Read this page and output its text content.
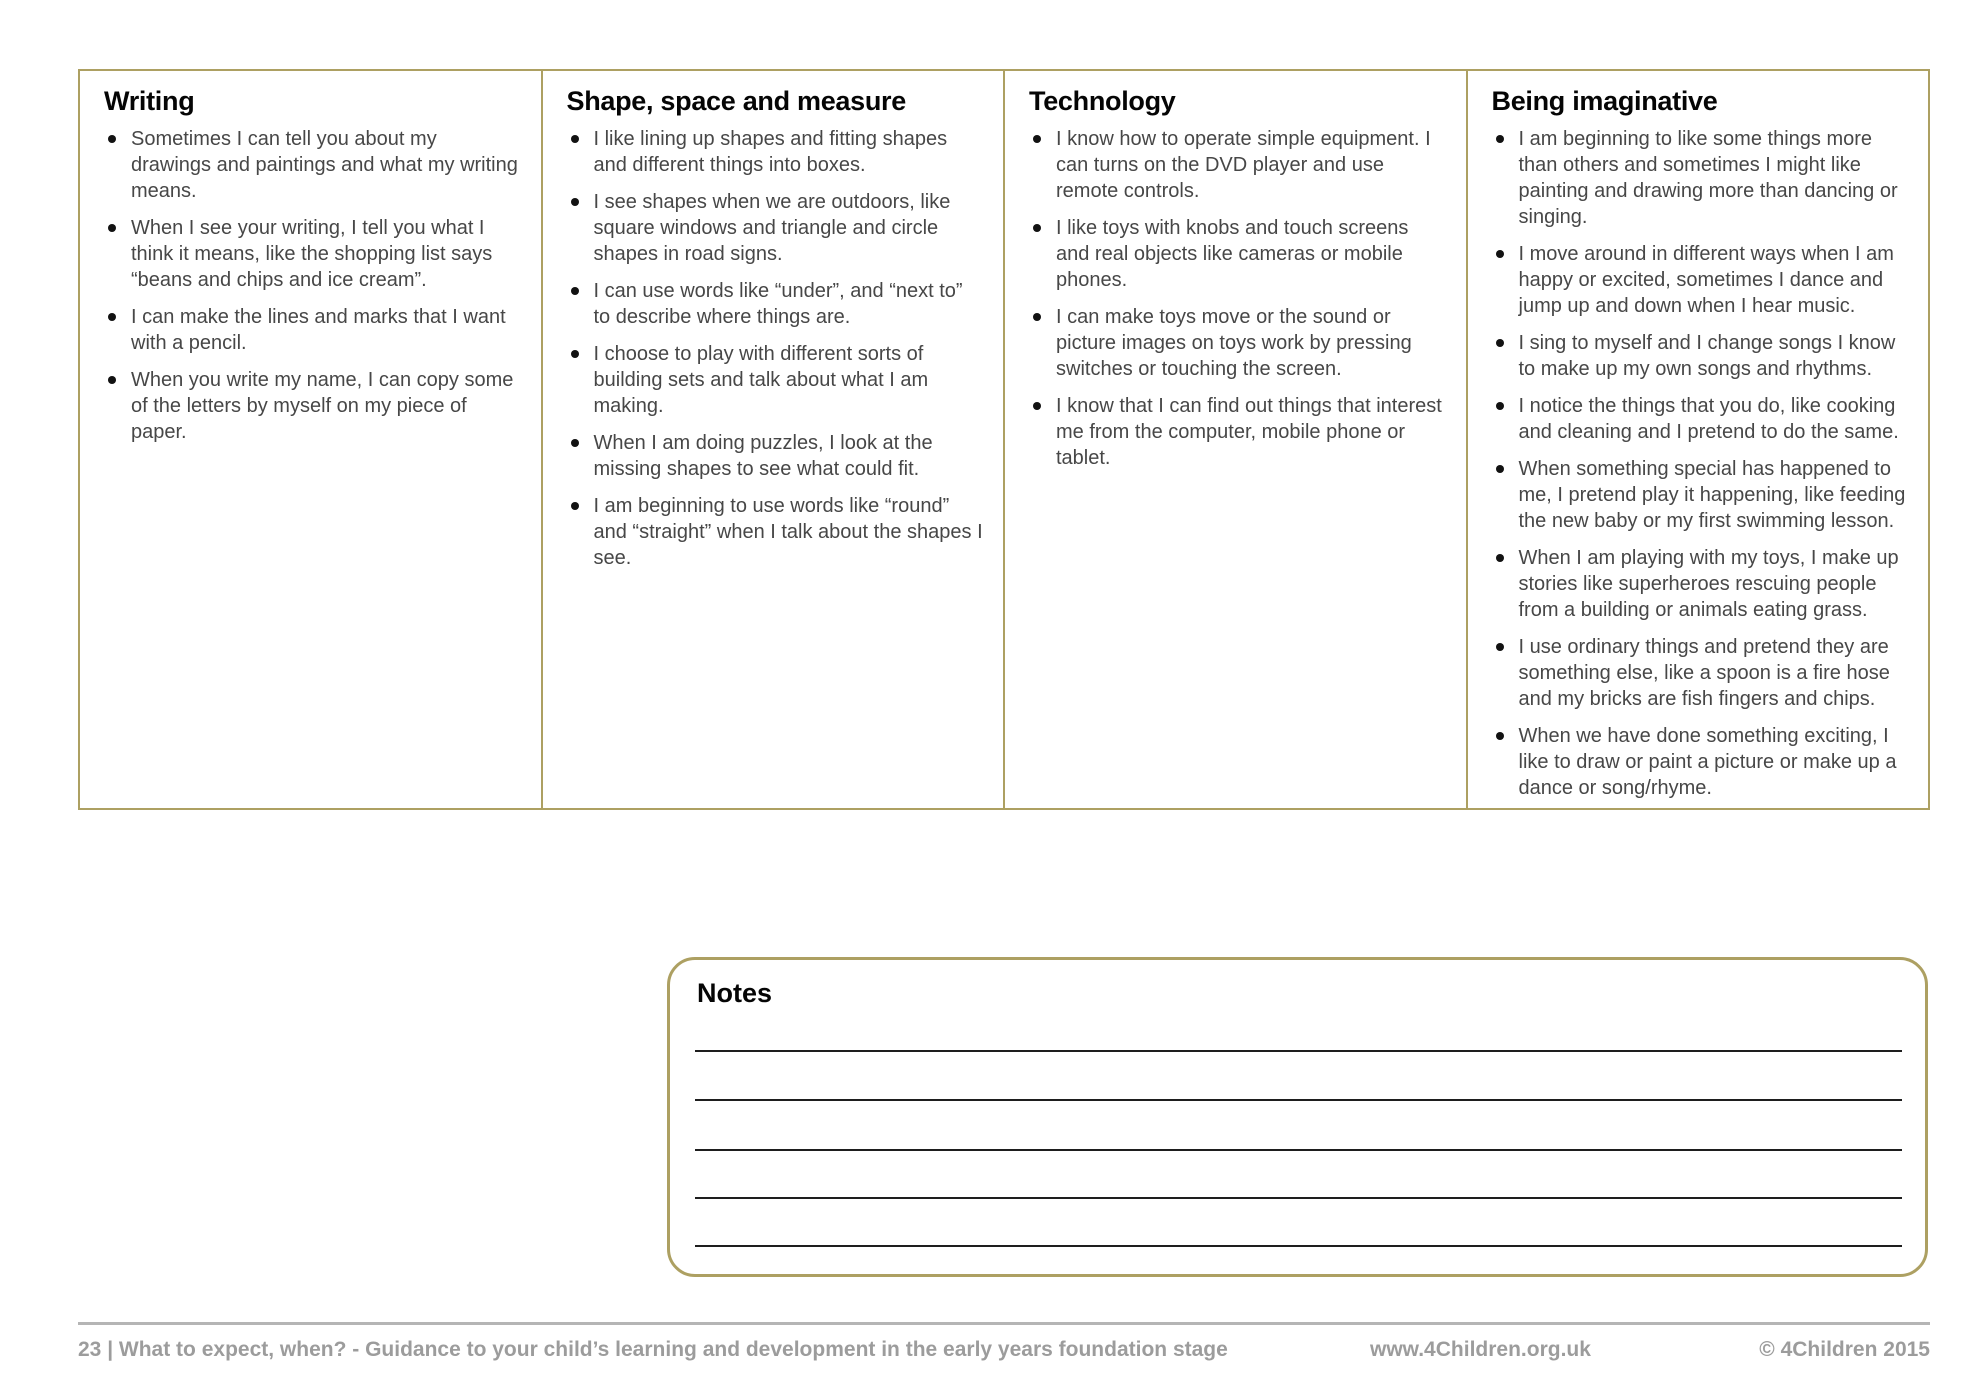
Writing
Sometimes I can tell you about my drawings and paintings and what my writing means.
When I see your writing, I tell you what I think it means, like the shopping list says “beans and chips and ice cream”.
I can make the lines and marks that I want with a pencil.
When you write my name, I can copy some of the letters by myself on my piece of paper.
Shape, space and measure
I like lining up shapes and fitting shapes and different things into boxes.
I see shapes when we are outdoors, like square windows and triangle and circle shapes in road signs.
I can use words like “under”, and “next to” to describe where things are.
I choose to play with different sorts of building sets and talk about what I am making.
When I am doing puzzles, I look at the missing shapes to see what could fit.
I am beginning to use words like “round” and “straight” when I talk about the shapes I see.
Technology
I know how to operate simple equipment. I can turns on the DVD player and use remote controls.
I like toys with knobs and touch screens and real objects like cameras or mobile phones.
I can make toys move or the sound or picture images on toys work by pressing switches or touching the screen.
I know that I can find out things that interest me from the computer, mobile phone or tablet.
Being imaginative
I am beginning to like some things more than others and sometimes I might like painting and drawing more than dancing or singing.
I move around in different ways when I am happy or excited, sometimes I dance and jump up and down when I hear music.
I sing to myself and I change songs I know to make up my own songs and rhythms.
I notice the things that you do, like cooking and cleaning and I pretend to do the same.
When something special has happened to me, I pretend play it happening, like feeding the new baby or my first swimming lesson.
When I am playing with my toys, I make up stories like superheroes rescuing people from a building or animals eating grass.
I use ordinary things and pretend they are something else, like a spoon is a fire hose and my bricks are fish fingers and chips.
When we have done something exciting, I like to draw or paint a picture or make up a dance or song/rhyme.
Notes
23 | What to expect, when? - Guidance to your child’s learning and development in the early years foundation stage	www.4Children.org.uk	© 4Children 2015
